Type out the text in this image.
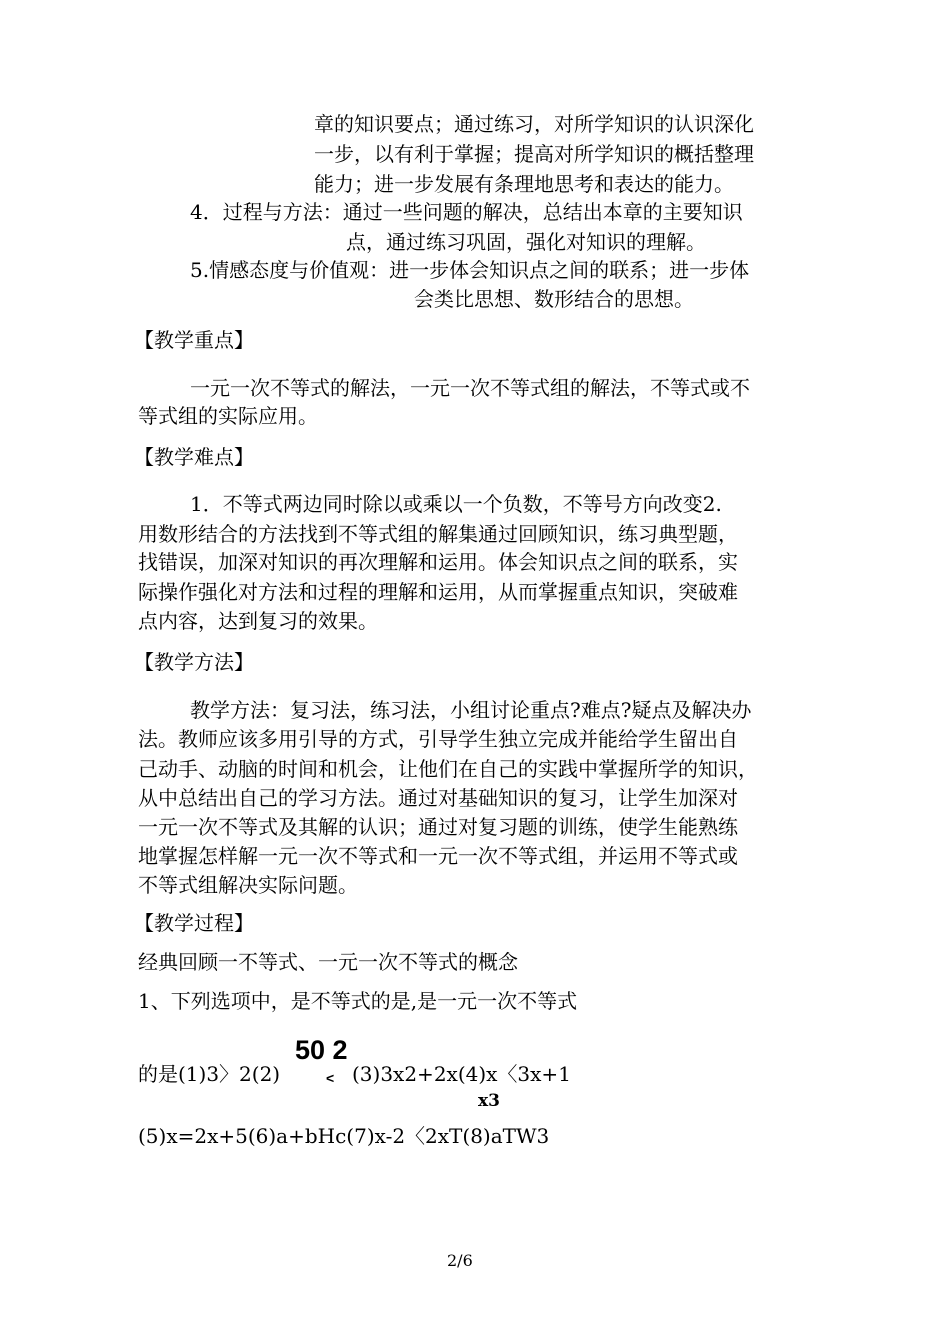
章的知识要点；通过练习，对所学知识的认识深化
一步，以有利于掌握；提高对所学知识的概括整理
能力；进一步发展有条理地思考和表达的能力。
4．过程与方法：通过一些问题的解决，总结出本章的主要知识
点，通过练习巩固，强化对知识的理解。
5.情感态度与价值观：进一步体会知识点之间的联系；进一步体
会类比思想、数形结合的思想。
【教学重点】
一元一次不等式的解法，一元一次不等式组的解法，不等式或不
等式组的实际应用。
【教学难点】
1．不等式两边同时除以或乘以一个负数，不等号方向改变2.
用数形结合的方法找到不等式组的解集通过回顾知识，练习典型题，
找错误，加深对知识的再次理解和运用。体会知识点之间的联系，实
际操作强化对方法和过程的理解和运用，从而掌握重点知识，突破难
点内容，达到复习的效果。
【教学方法】
教学方法：复习法，练习法，小组讨论重点?难点?疑点及解决办
法。教师应该多用引导的方式，引导学生独立完成并能给学生留出自
己动手、动脑的时间和机会，让他们在自己的实践中掌握所学的知识，
从中总结出自己的学习方法。通过对基础知识的复习，让学生加深对
一元一次不等式及其解的认识；通过对复习题的训练，使学生能熟练
地掌握怎样解一元一次不等式和一元一次不等式组，并运用不等式或
不等式组解决实际问题。
【教学过程】
经典回顾一不等式、一元一次不等式的概念
1、下列选项中，是不等式的是,是一元一次不等式
50 2
的是(1)3〉2(2)	< (3)3x2+2x(4)x〈3x+1
x3
(5)x=2x+5(6)a+bHc(7)x-2〈2xT(8)aTW3
2/6
